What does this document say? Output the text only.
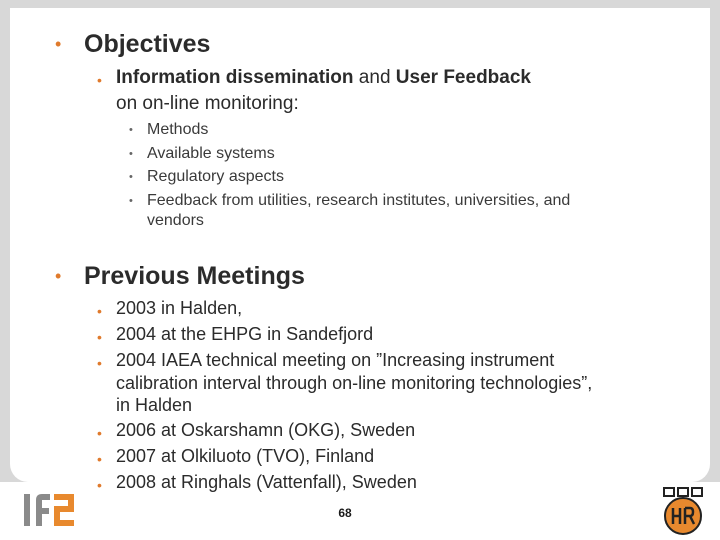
• Objectives
• Information dissemination and User Feedback
on on-line monitoring:
• Methods
• Available systems
• Regulatory aspects
• Feedback from utilities, research institutes, universities, and
vendors
• Previous Meetings
• 2003 in Halden,
• 2004 at the EHPG in Sandefjord
• 2004 IAEA technical meeting on ”Increasing instrument
calibration interval through on-line monitoring technologies”,
in Halden
• 2006 at Oskarshamn (OKG), Sweden
• 2007 at Olkiluoto (TVO), Finland
• 2008 at Ringhals (Vattenfall), Sweden
68
